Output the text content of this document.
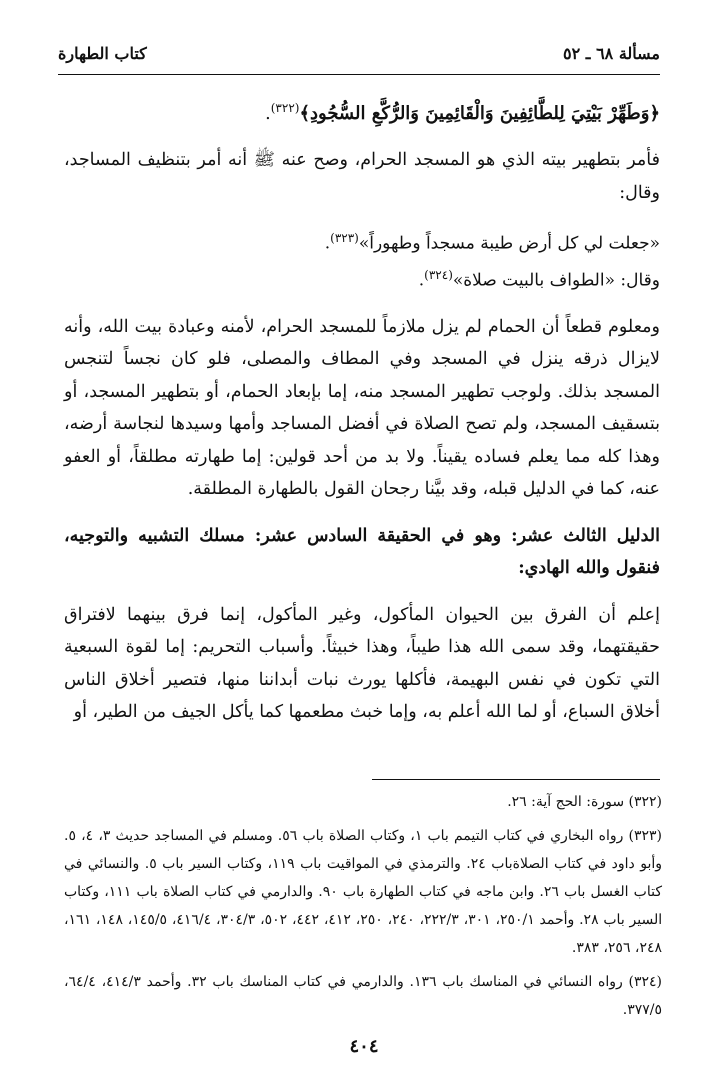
مسألة ٦٨ ـ ٥٢
كتاب الطهارة

﴿وَطَهِّرْ بَيْتِيَ لِلطَّائِفِينَ وَالْقَائِمِينَ وَالرُّكَّعِ السُّجُودِ﴾$^{(٣٢٢)}$.

فأمر بتطهير بيته الذي هو المسجد الحرام، وصح عنه ﷺ أنه أمر بتنظيف المساجد، وقال:

«جعلت لي كل أرض طيبة مسجداً وطهوراً»$^{(٣٢٣)}$.

وقال: «الطواف بالبيت صلاة»$^{(٣٢٤)}$.

ومعلوم قطعاً أن الحمام لم يزل ملازماً للمسجد الحرام، لأمنه وعبادة بيت الله، وأنه لايزال ذرقه ينزل في المسجد وفي المطاف والمصلى، فلو كان نجساً لتنجس المسجد بذلك. ولوجب تطهير المسجد منه، إما بإبعاد الحمام، أو بتطهير المسجد، أو بتسقيف المسجد، ولم تصح الصلاة في أفضل المساجد وأمها وسيدها لنجاسة أرضه، وهذا كله مما يعلم فساده يقيناً. ولا بد من أحد قولين: إما طهارته مطلقاً، أو العفو عنه، كما في الدليل قبله، وقد بيَّنا رجحان القول بالطهارة المطلقة.

الدليل الثالث عشر: وهو في الحقيقة السادس عشر: مسلك التشبيه والتوجيه، فنقول والله الهادي:

إعلم أن الفرق بين الحيوان المأكول، وغير المأكول، إنما فرق بينهما لافتراق حقيقتهما، وقد سمى الله هذا طيباً، وهذا خبيثاً. وأسباب التحريم: إما لقوة السبعية التي تكون في نفس البهيمة، فأكلها يورث نبات أبداننا منها، فتصير أخلاق الناس أخلاق السباع، أو لما الله أعلم به، وإما خبث مطعمها كما يأكل الجيف من الطير، أو

(٣٢٢) سورة: الحج آية: ٢٦.

(٣٢٣) رواه البخاري في كتاب التيمم باب ١، وكتاب الصلاة باب ٥٦. ومسلم في المساجد حديث ٣، ٤، ٥. وأبو داود في كتاب الصلاةباب ٢٤. والترمذي في المواقيت باب ١١٩، وكتاب السير باب ٥. والنسائي في كتاب الغسل باب ٢٦. وابن ماجه في كتاب الطهارة باب ٩٠. والدارمي في كتاب الصلاة باب ١١١، وكتاب السير باب ٢٨. وأحمد ٢٥٠/١، ٣٠١، ٢٢٢/٣، ٢٤٠، ٢٥٠، ٤١٢، ٤٤٢، ٥٠٢، ٣٠٤/٣، ٤١٦/٤، ١٤٥/٥، ١٤٨، ١٦١، ٢٤٨، ٢٥٦، ٣٨٣.

(٣٢٤) رواه النسائي في المناسك باب ١٣٦. والدارمي في كتاب المناسك باب ٣٢. وأحمد ٤١٤/٣، ٦٤/٤، ٣٧٧/٥.

٤٠٤
